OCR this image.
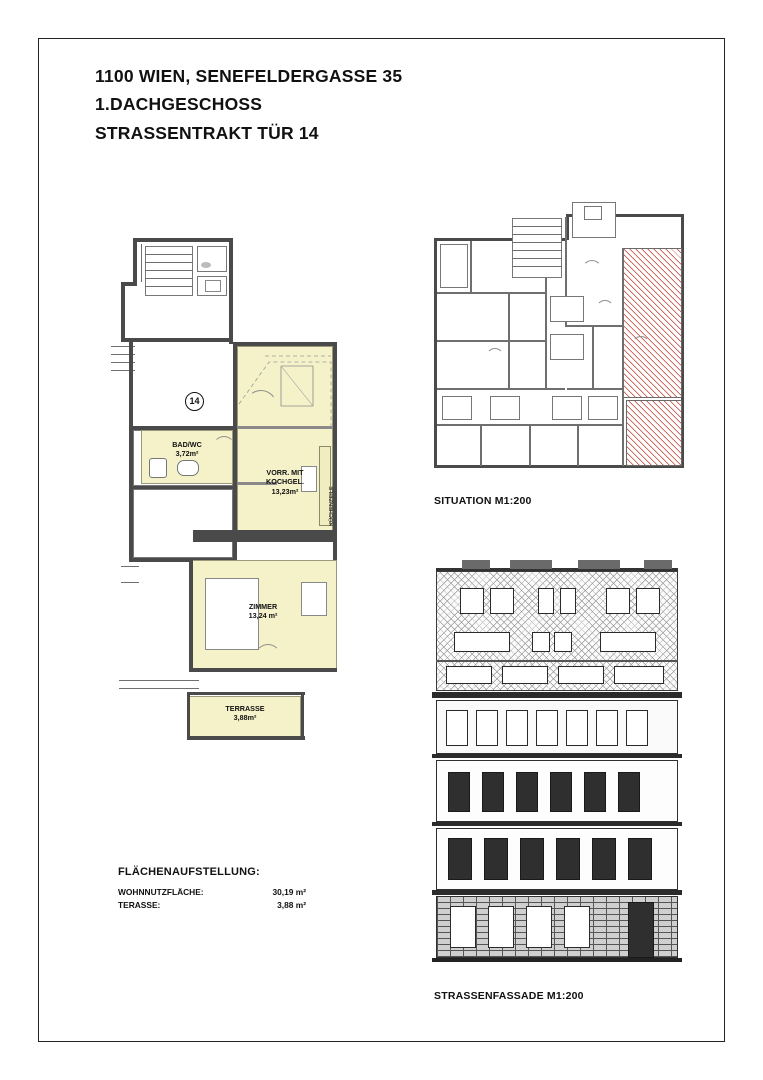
1100 WIEN, SENEFELDERGASSE 35
1.DACHGESCHOSS
STRASSENTRAKT TÜR 14
KÜCHENZEILE
14
BAD/WC
3,72m²
VORR. MIT KOCHGEL.
13,23m²
ZIMMER
13,24 m²
TERRASSE
3,88m²
FLÄCHENAUFSTELLUNG:
WOHNNUTZFLÄCHE:	30,19 m²
TERASSE:	3,88 m²
SITUATION M1:200
STRASSENFASSADE M1:200
